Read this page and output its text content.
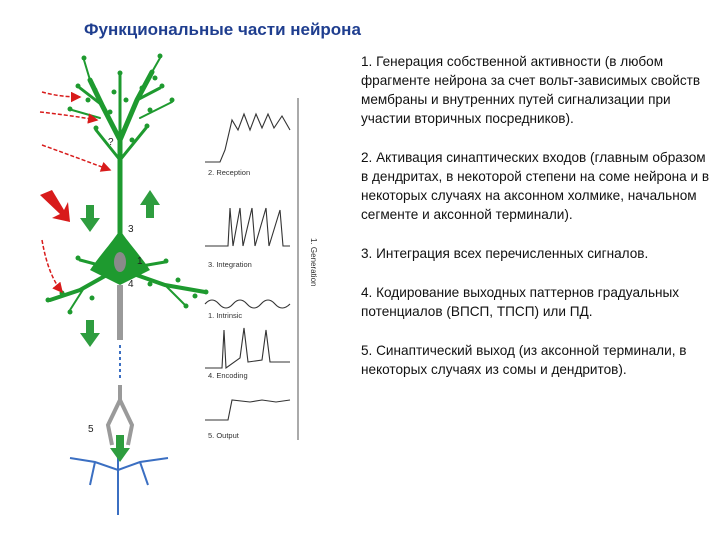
Функциональные части нейрона
?
3
1
4
5
2. Reception
3. Integration
1. Intrinsic
4. Encoding
5. Output
1. Generation
1. Генерация собственной активности (в любом фрагменте нейрона за счет вольт-зависимых свойств мембраны и внутренних путей сигнализации при участии вторичных посредников).
2. Активация синаптических входов (главным образом в дендритах, в некоторой степени на соме нейрона и в некоторых случаях на аксонном холмике, начальном сегменте и аксонной терминали).
3. Интеграция всех перечисленных сигналов.
4. Кодирование выходных паттернов градуальных потенциалов (ВПСП, ТПСП) или ПД.
5. Синаптический выход (из аксонной терминали, в некоторых случаях из сомы и дендритов).
